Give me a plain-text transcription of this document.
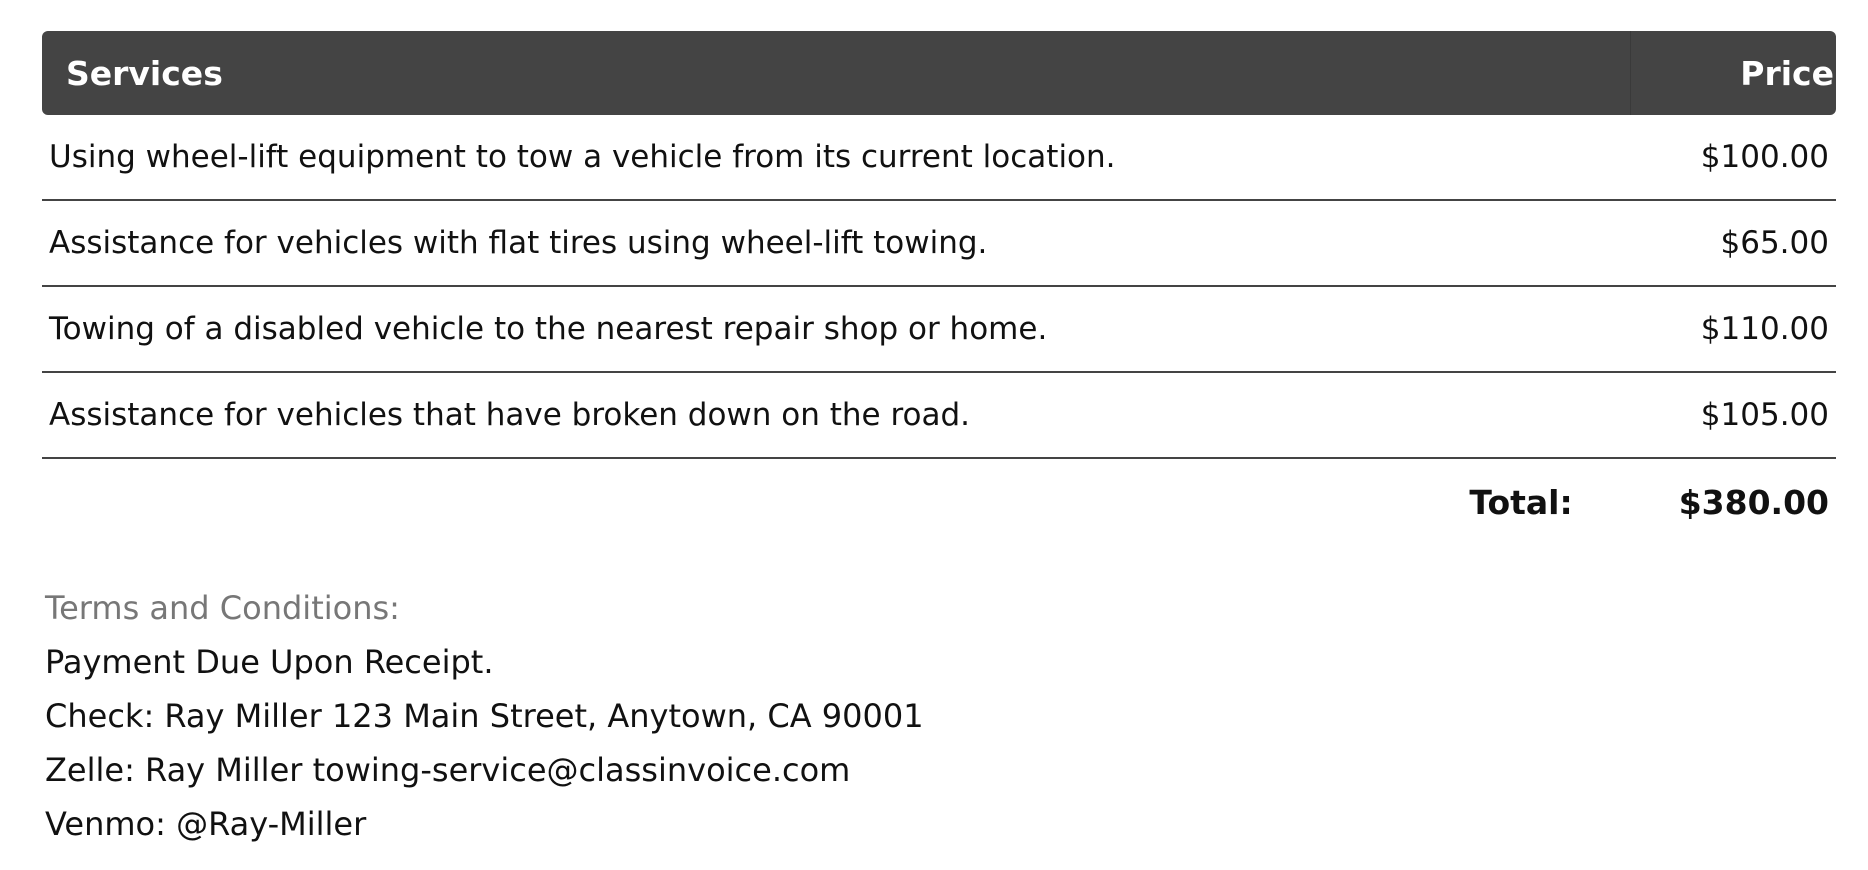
Services	Price
Using wheel-lift equipment to tow a vehicle from its current location.	$100.00
Assistance for vehicles with flat tires using wheel-lift towing.	$65.00
Towing of a disabled vehicle to the nearest repair shop or home.	$110.00
Assistance for vehicles that have broken down on the road.	$105.00
Total:	$380.00
Terms and Conditions:
Payment Due Upon Receipt.
Check: Ray Miller 123 Main Street, Anytown, CA 90001
Zelle: Ray Miller towing-service@classinvoice.com
Venmo: @Ray-Miller
